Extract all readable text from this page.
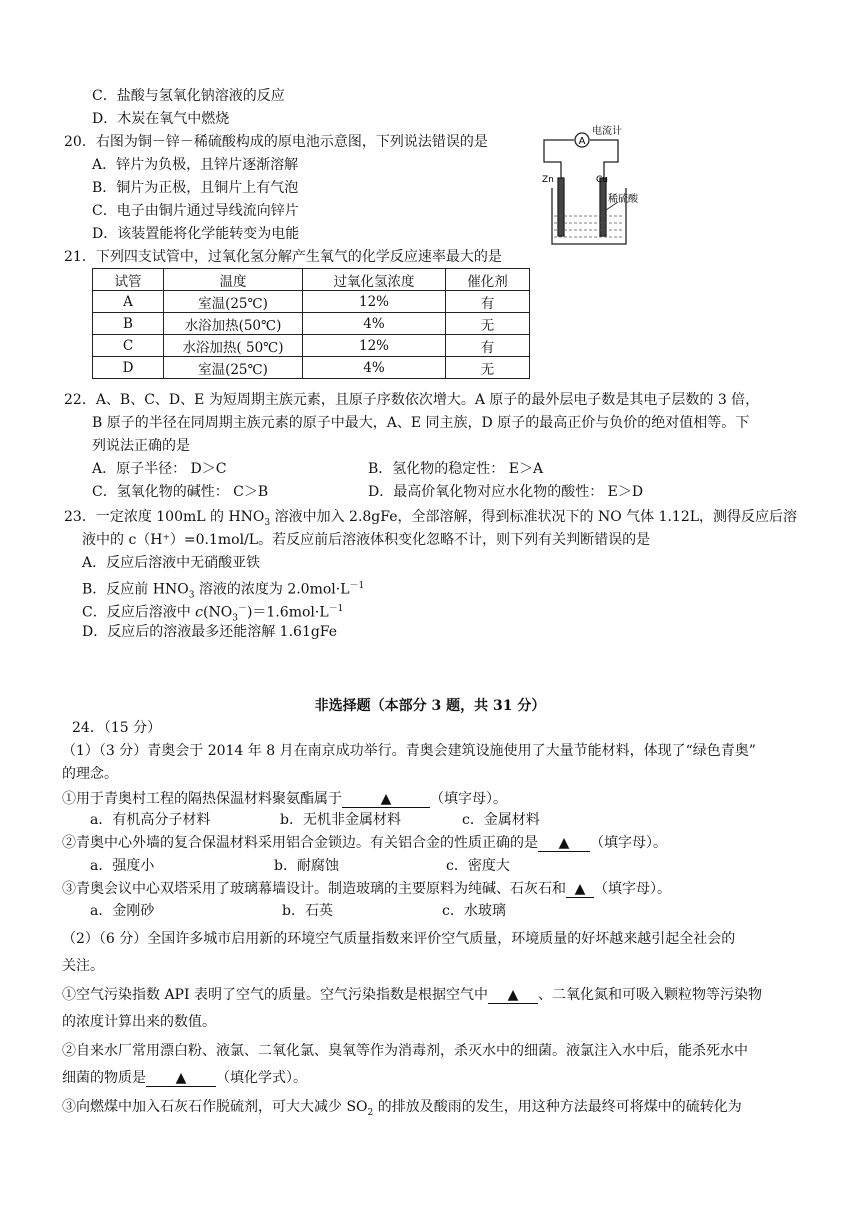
C．盐酸与氢氧化钠溶液的反应
D．木炭在氧气中燃烧
20．右图为铜－锌－稀硫酸构成的原电池示意图，下列说法错误的是
A．锌片为负极，且锌片逐渐溶解
B．铜片为正极，且铜片上有气泡
C．电子由铜片通过导线流向锌片
D．该装置能将化学能转变为电能
A
电流计
Zn	Cu
稀硫酸
21．下列四支试管中，过氧化氢分解产生氧气的化学反应速率最大的是
试管	温度	过氧化氢浓度	催化剂
A	室温(25℃)	12%	有
B	水浴加热(50℃)	4%	无
C	水浴加热( 50℃)	12%	有
D	室温(25℃)	4%	无
22．A、B、C、D、E 为短周期主族元素，且原子序数依次增大。A 原子的最外层电子数是其电子层数的 3 倍，
B 原子的半径在同周期主族元素的原子中最大，A、E 同主族，D 原子的最高正价与负价的绝对值相等。下
列说法正确的是
A．原子半径： D＞C	B．氢化物的稳定性： E＞A
C．氢氧化物的碱性： C＞B	D．最高价氧化物对应水化物的酸性： E＞D
23．一定浓度 100mL 的 $HNO_3$ 溶液中加入 2.8gFe，全部溶解，得到标准状况下的 NO 气体 1.12L，测得反应后溶
液中的 c（H⁺）=0.1mol/L。若反应前后溶液体积变化忽略不计，则下列有关判断错误的是
A．反应后溶液中无硝酸亚铁
B．反应前 $HNO_3$ 溶液的浓度为 $2.0mol\cdot L^{-1}$
C．反应后溶液中 $c(NO_3^-)=1.6mol\cdot L^{-1}$
D．反应后的溶液最多还能溶解 1.61gFe
非选择题（本部分 3 题，共 31 分）
24．（15 分）
（1）（3 分）青奥会于 2014 年 8 月在南京成功举行。青奥会建筑设施使用了大量节能材料，体现了“绿色青奥”
的理念。
①用于青奥村工程的隔热保温材料聚氨酯属于	▲	（填字母）。
a．有机高分子材料	b．无机非金属材料	c．金属材料
②青奥中心外墙的复合保温材料采用铝合金锁边。有关铝合金的性质正确的是 ▲ （填字母）。
a．强度小	b．耐腐蚀	c．密度大
③青奥会议中心双塔采用了玻璃幕墙设计。制造玻璃的主要原料为纯碱、石灰石和 ▲ （填字母）。
a．金刚砂	b．石英	c．水玻璃
（2）（6 分）全国许多城市启用新的环境空气质量指数来评价空气质量，环境质量的好坏越来越引起全社会的
关注。
①空气污染指数 API 表明了空气的质量。空气污染指数是根据空气中 ▲ 、二氧化氮和可吸入颗粒物等污染物
的浓度计算出来的数值。
②自来水厂常用漂白粉、液氯、二氧化氯、臭氧等作为消毒剂，杀灭水中的细菌。液氯注入水中后，能杀死水中
细菌的物质是 ▲ （填化学式）。
③向燃煤中加入石灰石作脱硫剂，可大大减少 $SO_2$ 的排放及酸雨的发生，用这种方法最终可将煤中的硫转化为
